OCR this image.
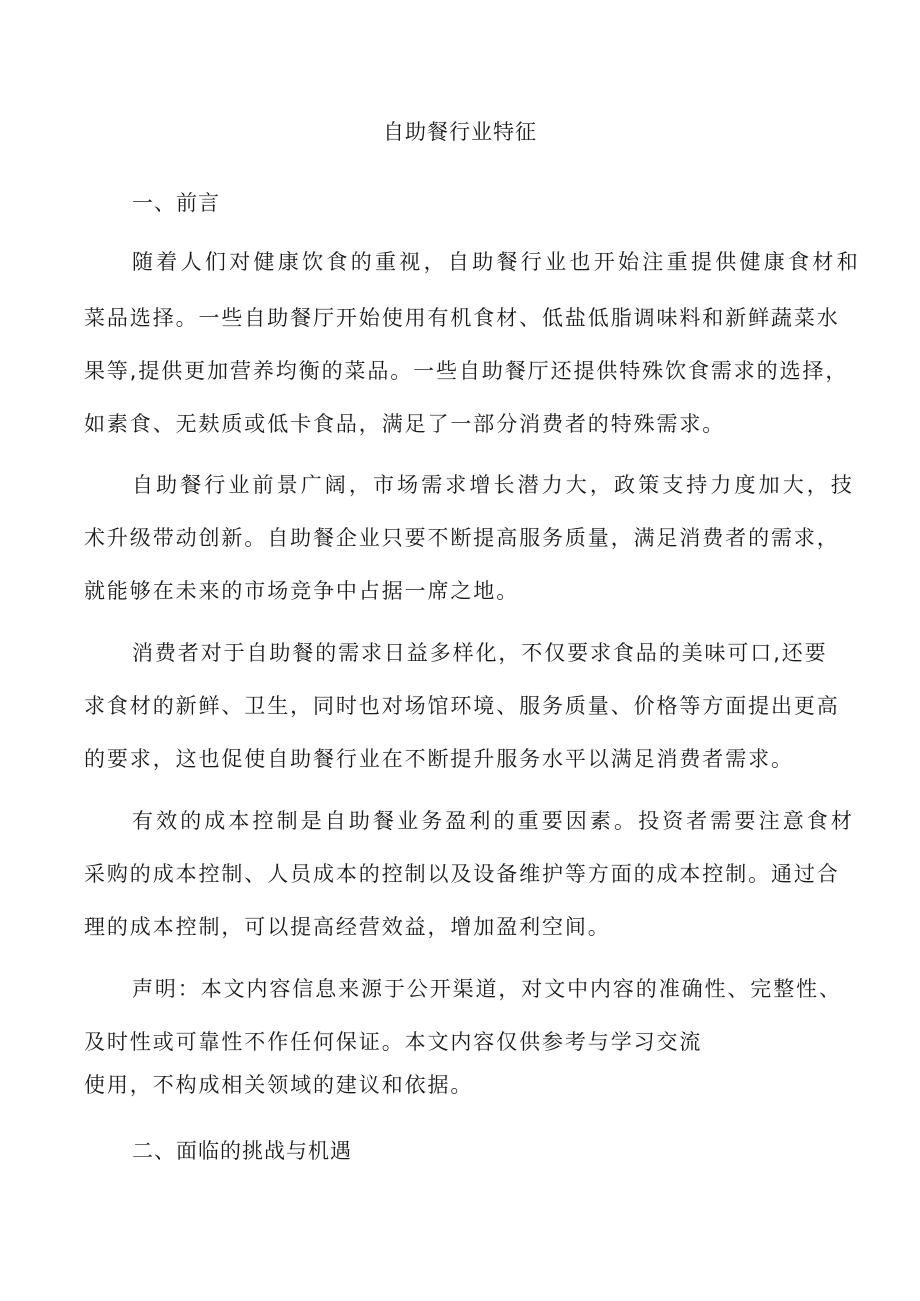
自助餐行业特征
一、前言
随着人们对健康饮食的重视，自助餐行业也开始注重提供健康食材和
菜品选择。一些自助餐厅开始使用有机食材、低盐低脂调味料和新鲜蔬菜水
果等,提供更加营养均衡的菜品。一些自助餐厅还提供特殊饮食需求的选择，
如素食、无麸质或低卡食品，满足了一部分消费者的特殊需求。
自助餐行业前景广阔，市场需求增长潜力大，政策支持力度加大，技
术升级带动创新。自助餐企业只要不断提高服务质量，满足消费者的需求，
就能够在未来的市场竞争中占据一席之地。
消费者对于自助餐的需求日益多样化，不仅要求食品的美味可口,还要
求食材的新鲜、卫生，同时也对场馆环境、服务质量、价格等方面提出更高
的要求，这也促使自助餐行业在不断提升服务水平以满足消费者需求。
有效的成本控制是自助餐业务盈利的重要因素。投资者需要注意食材
采购的成本控制、人员成本的控制以及设备维护等方面的成本控制。通过合
理的成本控制，可以提高经营效益，增加盈利空间。
声明：本文内容信息来源于公开渠道，对文中内容的准确性、完整性、
及时性或可靠性不作任何保证。本文内容仅供参考与学习交流
使用，不构成相关领域的建议和依据。
二、面临的挑战与机遇
